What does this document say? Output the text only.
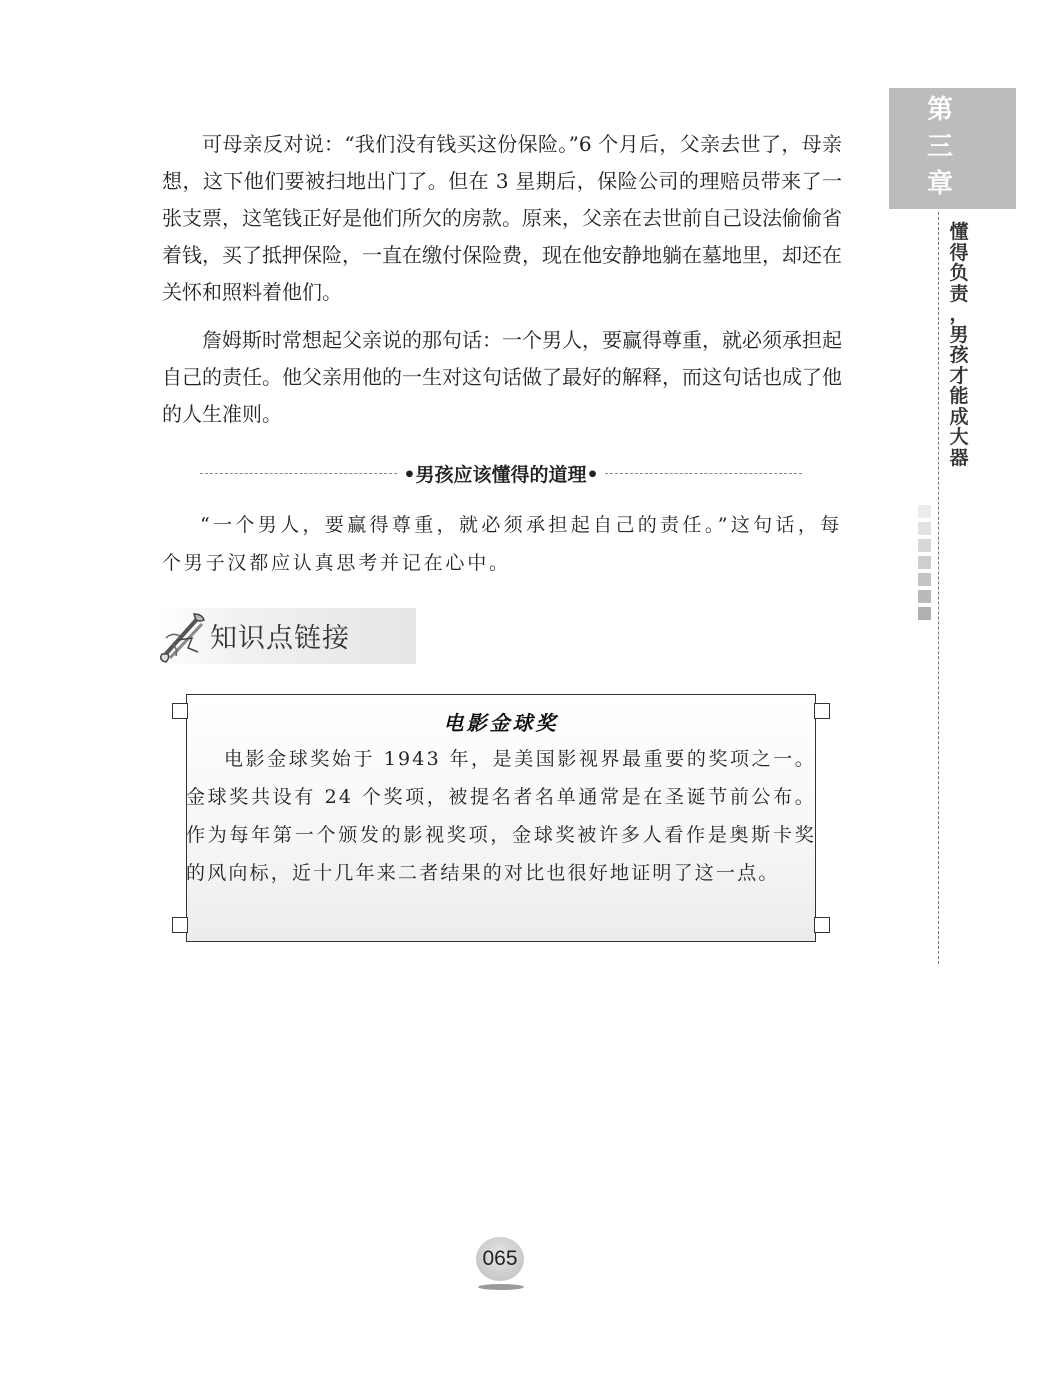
可母亲反对说：“我们没有钱买这份保险。”6 个月后，父亲去世了，母亲想，这下他们要被扫地出门了。但在 3 星期后，保险公司的理赔员带来了一张支票，这笔钱正好是他们所欠的房款。原来，父亲在去世前自己设法偷偷省着钱，买了抵押保险，一直在缴付保险费，现在他安静地躺在墓地里，却还在关怀和照料着他们。

詹姆斯时常想起父亲说的那句话：一个男人，要赢得尊重，就必须承担起自己的责任。他父亲用他的一生对这句话做了最好的解释，而这句话也成了他的人生准则。

•男孩应该懂得的道理•
“一个男人，要赢得尊重，就必须承担起自己的责任。”这句话，每个男子汉都应认真思考并记在心中。
知识点链接
电影金球奖
电影金球奖始于 1943 年，是美国影视界最重要的奖项之一。金球奖共设有 24 个奖项，被提名者名单通常是在圣诞节前公布。作为每年第一个颁发的影视奖项，金球奖被许多人看作是奥斯卡奖的风向标，近十几年来二者结果的对比也很好地证明了这一点。
第
三
章
懂
得
负
责
，
男
孩
才
能
成
大
器
065
